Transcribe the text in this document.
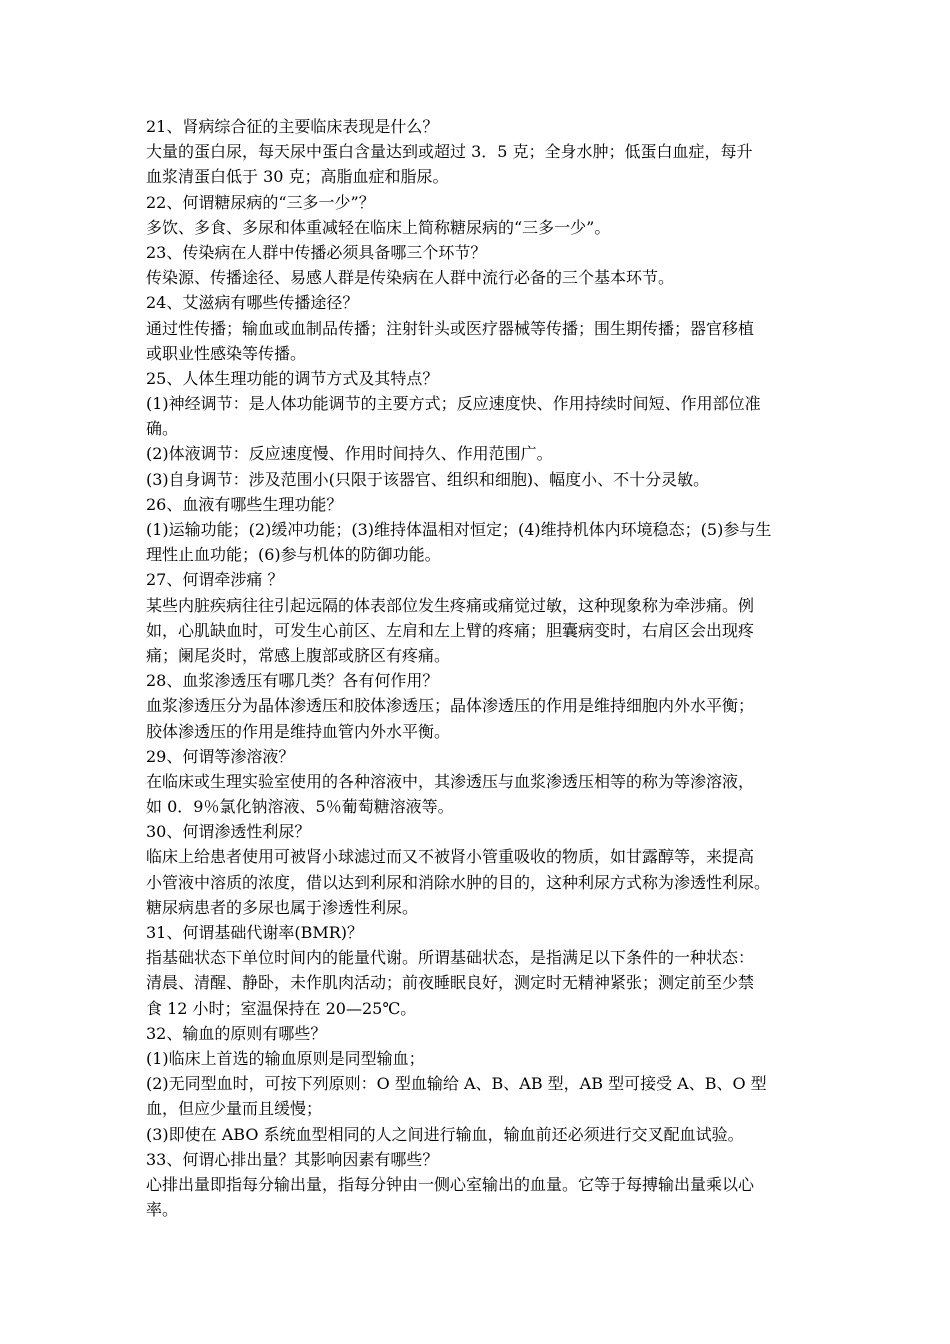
21、肾病综合征的主要临床表现是什么？
大量的蛋白尿，每天尿中蛋白含量达到或超过 3．5 克；全身水肿；低蛋白血症，每升
血浆清蛋白低于 30 克；高脂血症和脂尿。
22、何谓糖尿病的“三多一少”？
多饮、多食、多尿和体重减轻在临床上简称糖尿病的“三多一少”。
23、传染病在人群中传播必须具备哪三个环节？
传染源、传播途径、易感人群是传染病在人群中流行必备的三个基本环节。
24、艾滋病有哪些传播途径？
通过性传播；输血或血制品传播；注射针头或医疗器械等传播；围生期传播；器官移植
或职业性感染等传播。
25、人体生理功能的调节方式及其特点？
(1)神经调节：是人体功能调节的主要方式；反应速度快、作用持续时间短、作用部位准
确。
(2)体液调节：反应速度慢、作用时间持久、作用范围广。
(3)自身调节：涉及范围小(只限于该器官、组织和细胞)、幅度小、不十分灵敏。
26、血液有哪些生理功能？
(1)运输功能；(2)缓冲功能；(3)维持体温相对恒定；(4)维持机体内环境稳态；(5)参与生
理性止血功能；(6)参与机体的防御功能。
27、何谓牵涉痛 ？
某些内脏疾病往往引起远隔的体表部位发生疼痛或痛觉过敏，这种现象称为牵涉痛。例
如，心肌缺血时，可发生心前区、左肩和左上臂的疼痛；胆囊病变时，右肩区会出现疼
痛；阑尾炎时，常感上腹部或脐区有疼痛。
28、血浆渗透压有哪几类？各有何作用？
血浆渗透压分为晶体渗透压和胶体渗透压；晶体渗透压的作用是维持细胞内外水平衡；
胶体渗透压的作用是维持血管内外水平衡。
29、何谓等渗溶液？
在临床或生理实验室使用的各种溶液中，其渗透压与血浆渗透压相等的称为等渗溶液，
如 0．9％氯化钠溶液、5％葡萄糖溶液等。
30、何谓渗透性利尿？
临床上给患者使用可被肾小球滤过而又不被肾小管重吸收的物质，如甘露醇等，来提高
小管液中溶质的浓度，借以达到利尿和消除水肿的目的，这种利尿方式称为渗透性利尿。
糖尿病患者的多尿也属于渗透性利尿。
31、何谓基础代谢率(BMR)？
指基础状态下单位时间内的能量代谢。所谓基础状态，是指满足以下条件的一种状态：
清晨、清醒、静卧，未作肌肉活动；前夜睡眠良好，测定时无精神紧张；测定前至少禁
食 12 小时；室温保持在 20—25℃。
32、输血的原则有哪些？
(1)临床上首选的输血原则是同型输血；
(2)无同型血时，可按下列原则：O 型血输给 A、B、AB 型，AB 型可接受 A、B、O 型
血，但应少量而且缓慢；
(3)即使在 ABO 系统血型相同的人之间进行输血，输血前还必须进行交叉配血试验。
33、何谓心排出量？其影响因素有哪些？
心排出量即指每分输出量，指每分钟由一侧心室输出的血量。它等于每搏输出量乘以心
率。
